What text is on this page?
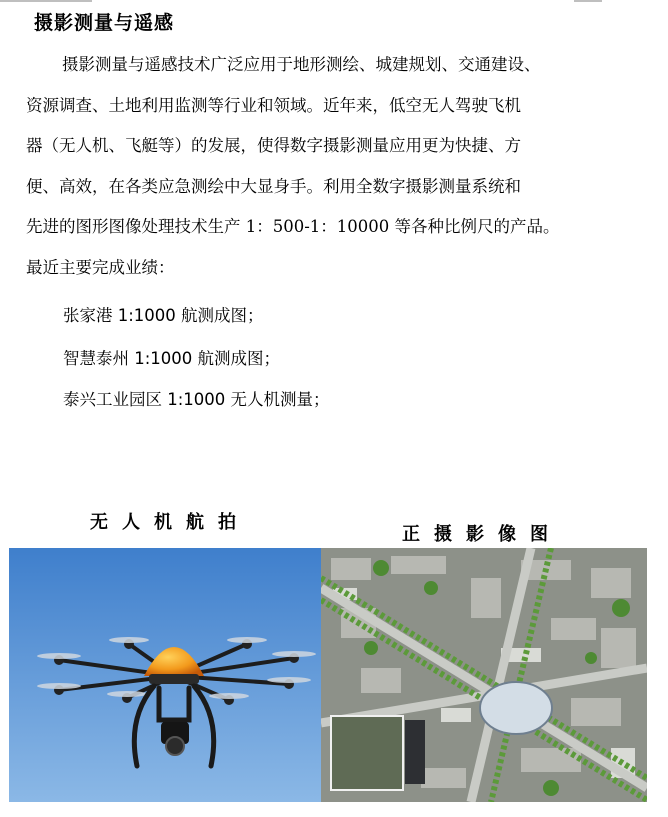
摄影测量与遥感

摄影测量与遥感技术广泛应用于地形测绘、城建规划、交通建设、
资源调查、土地利用监测等行业和领域。近年来，低空无人驾驶飞机
器（无人机、飞艇等）的发展，使得数字摄影测量应用更为快捷、方
便、高效，在各类应急测绘中大显身手。利用全数字摄影测量系统和
先进的图形图像处理技术生产 1：500-1：10000 等各种比例尺的产品。
最近主要完成业绩：

张家港 1:1000 航测成图；
智慧泰州 1:1000 航测成图；
泰兴工业园区 1:1000 无人机测量；
无人机航拍
正摄影像图
